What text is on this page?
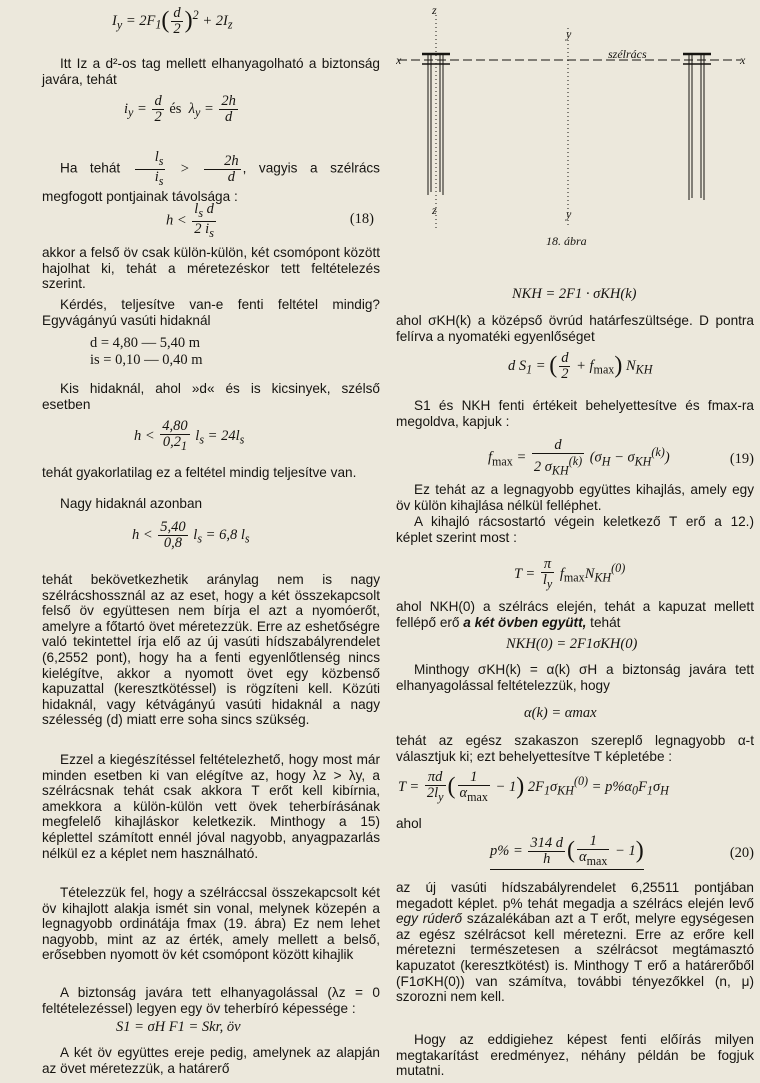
$I_y = 2F_1( \frac{d}{2} )^2 + 2I_z$

Itt Iz a d²-os tag mellett elhanyagolható a biztonság javára, tehát

$i_y = \frac{d}{2}$ és  $\lambda_y = \frac{2h}{d}$

Ha tehát $\frac{l_s}{i_s} > \frac{2h}{d}$ , vagyis a szélrács megfogott pontjainak távolsága :

$h < \frac{l_s d}{2 i_s}$	(18)

akkor a felső öv csak külön-külön, két csomópont között hajolhat ki, tehát a méretezéskor tett feltételezés szerint.

Kérdés, teljesítve van-e fenti feltétel mindig? Egyvágányú vasúti hidaknál

d = 4,80 — 5,40 m
is = 0,10 — 0,40 m

Kis hidaknál, ahol »d« és is kicsinyek, szélső esetben

$h < \frac{4,80}{0,2_1} l_s = 24l_s$

tehát gyakorlatilag ez a feltétel mindig teljesítve van.

Nagy hidaknál azonban

$h < \frac{5,40}{0,8} l_s = 6,8$ $l_s$

tehát bekövetkezhetik aránylag nem is nagy szélrácshossznál az az eset, hogy a két összekapcsolt felső öv együttesen nem bírja el azt a nyomóerőt, amelyre a főtartó övet méretezzük. Erre az eshetőségre való tekintettel írja elő az új vasúti hídszabályrendelet (6,2552 pont), hogy ha a fenti egyenlőtlenség nincs kielégítve, akkor a nyomott övet egy közbenső kapuzattal (keresztkötéssel) is rögzíteni kell. Közúti hidaknál, vagy kétvágányú vasúti hidaknál a nagy szélesség (d) miatt erre soha sincs szükség.

Ezzel a kiegészítéssel feltételezhető, hogy most már minden esetben ki van elégítve az, hogy λz > λy, a szélrácsnak tehát csak akkora T erőt kell kibírnia, amekkora a külön-külön vett övek teherbírásának megfelelő kihajláskor keletkezik. Minthogy a 15) képlettel számított ennél jóval nagyobb, anyagpazarlás nélkül ez a képlet nem használható.

Tételezzük fel, hogy a szélráccsal összekapcsolt két öv kihajlott alakja ismét sin vonal, melynek közepén a legnagyobb ordinátája fmax (19. ábra) Ez nem lehet nagyobb, mint az az érték, amely mellett a belső, erősebben nyomott öv két csomópont között kihajlik

A biztonság javára tett elhanyagolással (λz = 0 feltételezéssel) legyen egy öv teherbíró képessége :

S1 = σH F1 = Skr, öv

A két öv együttes ereje pedig, amelynek az alapján az övet méretezzük, a határerő

z
z
y
y
x	x
szélrács
18. ábra
NKH = 2F1 · σKH(k)

ahol σKH(k) a középső övrúd határfeszültsége. D pontra felírva a nyomatéki egyenlőséget

d $S_1$ = ( $\frac{d}{2} + f_{max}$) $N_{KH}$

S1 és NKH fenti értékeit behelyettesítve és fmax-ra megoldva, kapjuk :

$f_{max} = \frac{d}{2 \sigma_{KH}^{(k)}} (\sigma_H - \sigma_{KH}^{(k)})$	(19)

Ez tehát az a legnagyobb együttes kihajlás, amely egy öv külön kihajlása nélkül felléphet.

A kihajló rácsostartó végein keletkező T erő a 12.) képlet szerint most :

$T = \frac{\pi}{l_y} f_{max}N_{KH}^{(0)}$

ahol NKH(0) a szélrács elején, tehát a kapuzat mellett fellépő erő a két övben együtt, tehát

NKH(0) = 2F1σKH(0)

Minthogy σKH(k) = α(k) σH a biztonság javára tett elhanyagolással feltételezzük, hogy

α(k) = αmax

tehát az egész szakaszon szereplő legnagyobb α-t választjuk ki; ezt behelyettesítve T képletébe :

$T = \frac{\pi d}{2l_y}$ ( $\frac{1}{\alpha_{max}} - 1$) $2F_1\sigma_{KH}^{(0)} = p\%\alpha_0F_1\sigma_H$

ahol

$p\% = \frac{314 d}{h}$ ( $\frac{1}{\alpha_{max}} - 1$)	(20)

az új vasúti hídszabályrendelet 6,25511 pontjában megadott képlet. p% tehát megadja a szélrács elején levő egy rúderő százalékában azt a T erőt, melyre egységesen az egész szélrácsot kell méretezni. Erre az erőre kell méretezni természetesen a szélrácsot megtámasztó kapuzatot (keresztkötést) is. Minthogy T erő a határerőből (F1σKH(0)) van számítva, további tényezőkkel (n, μ) szorozni nem kell.

Hogy az eddigiehez képest fenti előírás milyen megtakarítást eredményez, néhány példán be fogjuk mutatni.
